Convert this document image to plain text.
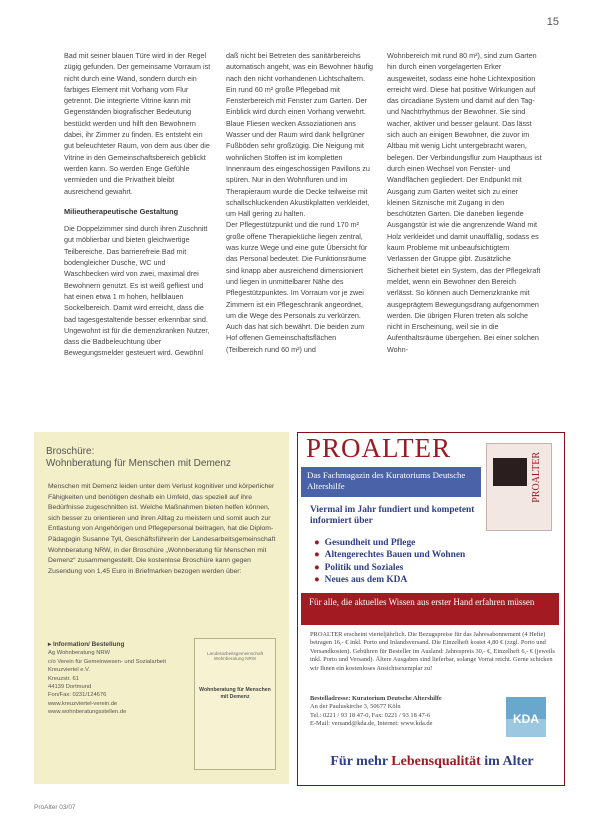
15

Bad mit seiner blauen Türe wird in der Regel zügig gefunden. Der gemeinsame Vorraum ist nicht durch eine Wand, sondern durch ein farbiges Element mit Vorhang vom Flur getrennt. Die integrierte Vitrine kann mit Gegenständen biografischer Bedeutung bestückt werden und hilft den Bewohnern dabei, ihr Zimmer zu finden. Es entsteht ein gut beleuchteter Raum, von dem aus über die Vitrine in den Gemeinschaftsbereich geblickt werden kann. So werden Enge Gefühle vermieden und die Privatheit bleibt ausreichend gewahrt.

Milieutherapeutische Gestaltung

Die Doppelzimmer sind durch ihren Zuschnitt gut möblierbar und bieten gleichwertige Teilbereiche. Das barrierefreie Bad mit bodengleicher Dusche, WC und Waschbecken wird von zwei, maximal drei Bewohnern genutzt. Es ist weiß gefliest und hat einen etwa 1 m hohen, hellblauen Sockelbereich. Damit wird erreicht, dass die bad tagesgestaltende besser erkennbar sind. Ungewohnt ist für die demenzkranken Nutzer, dass die Badbeleuchtung über Bewegungsmelder gesteuert wird. Gewöhnl

daß nicht bei Betreten des sanitärbereichs automatisch angeht, was ein Bewohner häufig nach den nicht vorhandenen Lichtschaltern.

Ein rund 60 m² große Pflegebad mit Fensterbereich mit Fenster zum Garten. Der Einblick wird durch einen Vorhang verwehrt. Blaue Fliesen wecken Assoziationen ans Wasser und der Raum wird dank hellgrüner Fußböden sehr großzügig. Die Neigung mit wohnlichen Stoffen ist im kompletten Innenraum des eingeschossigen Pavillons zu spüren. Nur in den Wohnfluren und im Therapieraum wurde die Decke teilweise mit schallschluckenden Akustikplatten verkleidet, um Hall gering zu halten.

Der Pflegestützpunkt und die rund 170 m² große offene Therapieküche liegen zentral, was kurze Wege und eine gute Übersicht für das Personal bedeutet. Die Funktionsräume sind knapp aber ausreichend dimensioniert und liegen in unmittelbarer Nähe des Pflegestützpunktes. Im Vorraum vor je zwei Zimmern ist ein Pflegeschrank angeordnet, um die Wege des Personals zu verkürzen. Auch das hat sich bewährt. Die beiden zum Hof offenen Gemeinschaftsflächen (Teilbereich rund 60 m²) und

Wohnbereich mit rund 80 m²), sind zum Garten hin durch einen vorgelagerten Erker ausgeweitet, sodass eine hohe Lichtexposition erreicht wird. Diese hat positive Wirkungen auf das circadiane System und damit auf den Tag- und Nachtrhythmus der Bewohner. Sie sind wacher, aktiver und besser gelaunt. Das lässt sich auch an einigen Bewohner, die zuvor im Altbau mit wenig Licht untergebracht waren, belegen. Der Verbindungsflur zum Haupthaus ist durch einen Wechsel von Fenster- und Wandflächen gegliedert. Der Endpunkt mit Ausgang zum Garten weitet sich zu einer kleinen Sitznische mit Zugang in den beschützten Garten. Die daneben liegende Ausgangstür ist wie die angrenzende Wand mit Holz verkleidet und damit unauffällig, sodass es kaum Probleme mit unbeaufsichtigtem Verlassen der Gruppe gibt. Zusätzliche Sicherheit bietet ein System, das der Pflegekraft meldet, wenn ein Bewohner den Bereich verlässt. So können auch Demenzkranke mit ausgeprägtem Bewegungsdrang aufgenommen werden. Die übrigen Fluren treten als solche nicht in Erscheinung, weil sie in die Aufenthaltsräume übergehen. Bei einer solchen Wohn-

Broschüre:
Wohnberatung für Menschen mit Demenz
Menschen mit Demenz leiden unter dem Verlust kognitiver und körperlicher Fähigkeiten und benötigen deshalb ein Umfeld, das speziell auf ihre Bedürfnisse zugeschnitten ist. Welche Maßnahmen bieten helfen können, sich besser zu orientieren und ihren Alltag zu meistern und somit auch zur Entlastung von Angehörigen und Pflegepersonal beitragen, hat die Diplom-Pädagogin Susanne Tyll, Geschäftsführerin der Landesarbeitsgemeinschaft Wohnberatung NRW, in der Broschüre „Wohnberatung für Menschen mit Demenz“ zusammengestellt. Die kostenlose Broschüre kann gegen Zusendung von 1,45 Euro in Briefmarken bezogen werden über:
▸ Information/ Bestellung
Ag Wohnberatung NRW
c/o Verein für Gemeinwesen- und Sozialarbeit
Kreuzviertel e.V.
Kreuzstr. 61
44139 Dortmund
Fon/Fax: 0231/124676
www.kreuzviertel-verein.de
www.wohnberatungsstellen.de
Landesarbeitsgemeinschaft Wohnberatung NRW
Wohnberatung für Menschen mit Demenz
PROALTER
PROALTER
Das Fachmagazin des Kuratoriums Deutsche Altershilfe
Viermal im Jahr fundiert und kompetent informiert über
● Gesundheit und Pflege
● Altengerechtes Bauen und Wohnen
● Politik und Soziales
● Neues aus dem KDA
Für alle, die aktuelles Wissen aus erster Hand erfahren müssen
PROALTER erscheint vierteljährlich. Die Bezugspreise für das Jahresabonnement (4 Hefte) betragen 16,- € inkl. Porto und Inlandsversand. Die Einzelheft kostet 4,80 € (zzgl. Porto und Versandkosten). Gebühren für Besteller im Ausland: Jahrespreis 30,- €, Einzelheft 6,- € (jeweils inkl. Porto und Versand). Ältere Ausgaben sind lieferbar, solange Vorrat reicht. Gerne schicken wir Ihnen ein kostenloses Ansichtsexemplar zu!
Bestelladresse: Kuratorium Deutsche Altershilfe
An der Pauluskirche 3, 50677 Köln
Tel.: 0221 / 93 18 47-0, Fax: 0221 / 93 18 47-6
E-Mail: versand@kda.de, Internet: www.kda.de	KDA
Für mehr Lebensqualität im Alter
ProAlter 03/07
